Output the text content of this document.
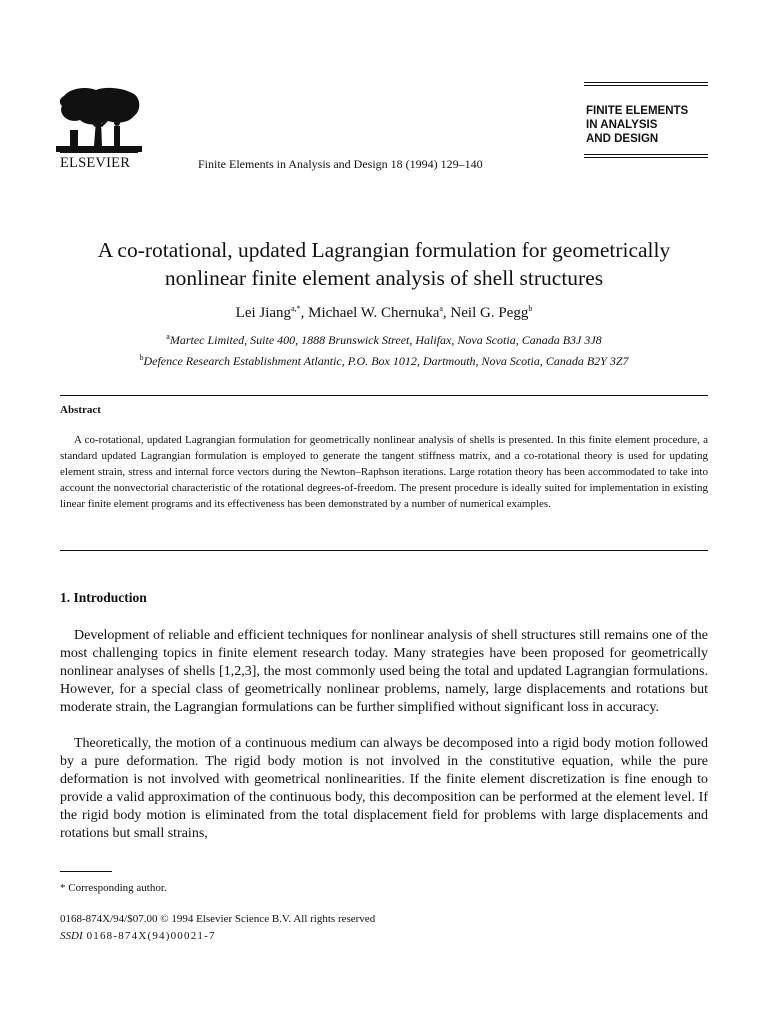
ELSEVIER	Finite Elements in Analysis and Design 18 (1994) 129–140
FINITE ELEMENTS
IN ANALYSIS
AND DESIGN
A co-rotational, updated Lagrangian formulation for geometrically
nonlinear finite element analysis of shell structures
Lei Jiang$^{a,*}$, Michael W. Chernuka$^a$, Neil G. Pegg$^b$
$^a$Martec Limited, Suite 400, 1888 Brunswick Street, Halifax, Nova Scotia, Canada B3J 3J8
$^b$Defence Research Establishment Atlantic, P.O. Box 1012, Dartmouth, Nova Scotia, Canada B2Y 3Z7
Abstract

A co-rotational, updated Lagrangian formulation for geometrically nonlinear analysis of shells is presented. In this finite element procedure, a standard updated Lagrangian formulation is employed to generate the tangent stiffness matrix, and a co-rotational theory is used for updating element strain, stress and internal force vectors during the Newton–Raphson iterations. Large rotation theory has been accommodated to take into account the nonvectorial characteristic of the rotational degrees-of-freedom. The present procedure is ideally suited for implementation in existing linear finite element programs and its effectiveness has been demonstrated by a number of numerical examples.

1. Introduction

Development of reliable and efficient techniques for nonlinear analysis of shell structures still remains one of the most challenging topics in finite element research today. Many strategies have been proposed for geometrically nonlinear analyses of shells [1,2,3], the most commonly used being the total and updated Lagrangian formulations. However, for a special class of geometrically nonlinear problems, namely, large displacements and rotations but moderate strain, the Lagrangian formulations can be further simplified without significant loss in accuracy.

Theoretically, the motion of a continuous medium can always be decomposed into a rigid body motion followed by a pure deformation. The rigid body motion is not involved in the constitutive equation, while the pure deformation is not involved with geometrical nonlinearities. If the finite element discretization is fine enough to provide a valid approximation of the continuous body, this decomposition can be performed at the element level. If the rigid body motion is eliminated from the total displacement field for problems with large displacements and rotations but small strains,

* Corresponding author.
0168-874X/94/$07.00 © 1994 Elsevier Science B.V. All rights reserved
SSDI 0168-874X(94)00021-7
